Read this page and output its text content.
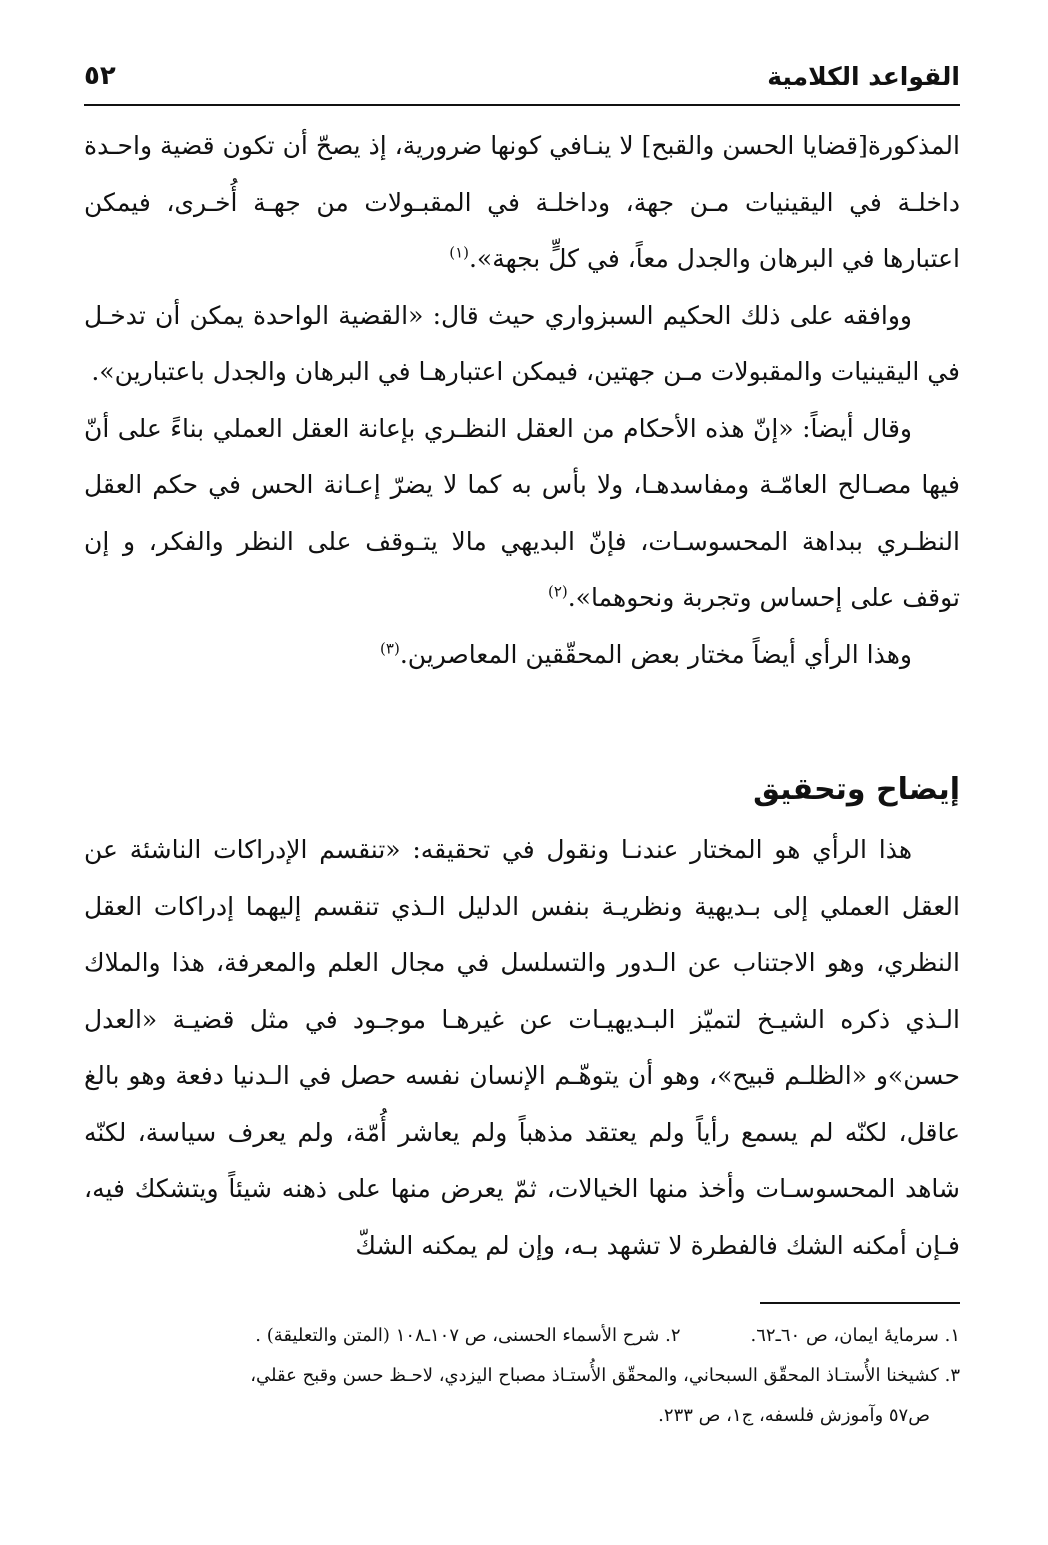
القواعد الكلامية
٥٢

المذكورة[قضايا الحسن والقبح] لا ينـافي كونها ضرورية، إذ يصحّ أن تكون قضية واحـدة داخلـة في اليقينيات مـن جهة، وداخلـة في المقبـولات من جهـة أُخـرى، فيمكن اعتبارها في البرهان والجدل معاً، في كلٍّ بجهة».$^{(١)}$

ووافقه على ذلك الحكيم السبزواري حيث قال: «القضية الواحدة يمكن أن تدخـل في اليقينيات والمقبولات مـن جهتين، فيمكن اعتبارهـا في البرهان والجدل باعتبارين».

وقال أيضاً: «إنّ هذه الأحكام من العقل النظـري بإعانة العقل العملي بناءً على أنّ فيها مصـالح العامّـة ومفاسدهـا، ولا بأس به كما لا يضرّ إعـانة الحس في حكم العقل النظـري ببداهة المحسوسـات، فإنّ البديهي مالا يتـوقف على النظر والفكر، و إن توقف على إحساس وتجربة ونحوهما».$^{(٢)}$

وهذا الرأي أيضاً مختار بعض المحقّقين المعاصرين.$^{(٣)}$

إيضاح وتحقيق

هذا الرأي هو المختار عندنـا ونقول في تحقيقه: «تنقسم الإدراكات الناشئة عن العقل العملي إلى بـديهية ونظريـة بنفس الدليل الـذي تنقسم إليهما إدراكات العقل النظري، وهو الاجتناب عن الـدور والتسلسل في مجال العلم والمعرفة، هذا والملاك الـذي ذكره الشيـخ لتميّز البـديهيـات عن غيرهـا موجـود في مثل قضيـة «العدل حسن»و «الظلـم قبيح»، وهو أن يتوهّـم الإنسان نفسه حصل في الـدنيا دفعة وهو بالغ عاقل، لكنّه لم يسمع رأياً ولم يعتقد مذهباً ولم يعاشر أُمّة، ولم يعرف سياسة، لكنّه شاهد المحسوسـات وأخذ منها الخيالات، ثمّ يعرض منها على ذهنه شيئاً ويتشكك فيه، فـإن أمكنه الشك فالفطرة لا تشهد بـه، وإن لم يمكنه الشكّ

١. سرمايهٔ ايمان، ص ٦٠ـ٦٢.
٢. شرح الأسماء الحسنى، ص ١٠٧ـ١٠٨ (المتن والتعليقة) .

٣. كشيخنا الأُستـاذ المحقّق السبحاني، والمحقّق الأُستـاذ مصباح اليزدي، لاحـظ حسن وقبح عقلي،

ص٥٧ وآموزش فلسفه، ج١، ص ٢٣٣.
